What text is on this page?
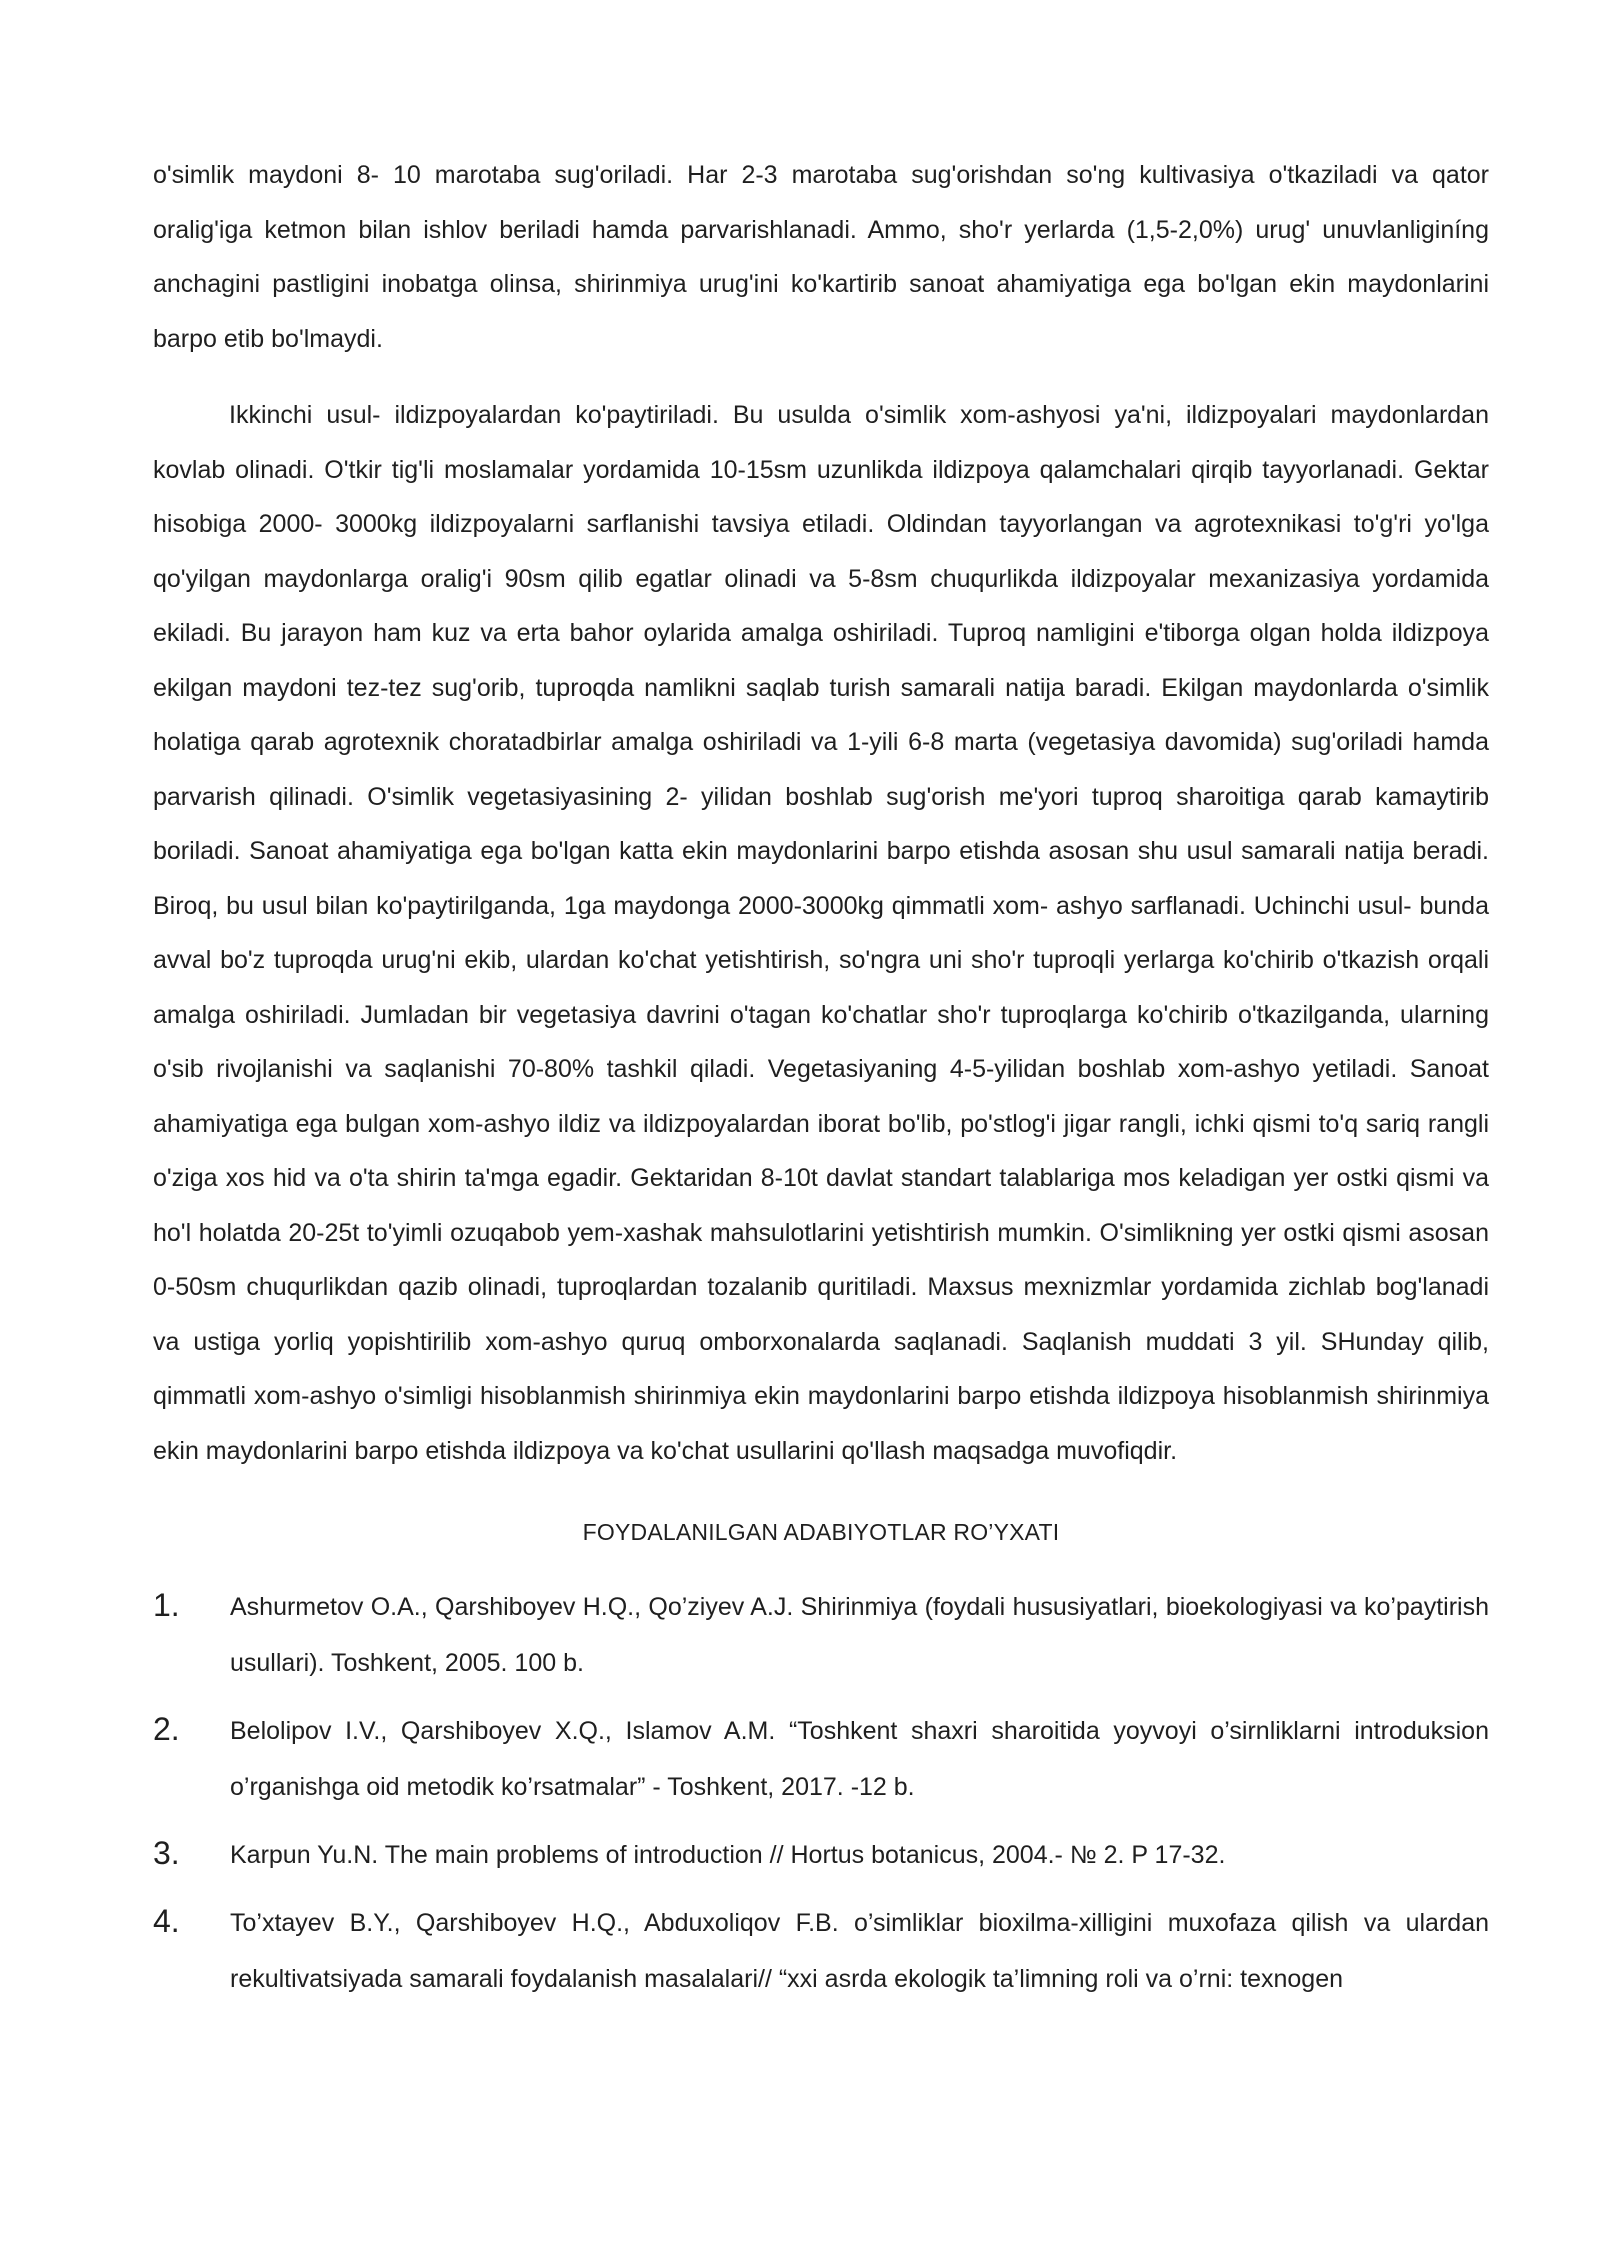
o'simlik maydoni 8- 10 marotaba sug'oriladi. Har 2-3 marotaba sug'orishdan so'ng kultivasiya o'tkaziladi va qator oralig'iga ketmon bilan ishlov beriladi hamda parvarishlanadi. Ammo, sho'r yerlarda (1,5-2,0%) urug' unuvlanliginíng anchagini pastligini inobatga olinsa, shirinmiya urug'ini ko'kartirib sanoat ahamiyatiga ega bo'lgan ekin maydonlarini barpo etib bo'lmaydi.

Ikkinchi usul- ildizpoyalardan ko'paytiriladi. Bu usulda o'simlik xom-ashyosi ya'ni, ildizpoyalari maydonlardan kovlab olinadi. O'tkir tig'li moslamalar yordamida 10-15sm uzunlikda ildizpoya qalamchalari qirqib tayyorlanadi. Gektar hisobiga 2000- 3000kg ildizpoyalarni sarflanishi tavsiya etiladi. Oldindan tayyorlangan va agrotexnikasi to'g'ri yo'lga qo'yilgan maydonlarga oralig'i 90sm qilib egatlar olinadi va 5-8sm chuqurlikda ildizpoyalar mexanizasiya yordamida ekiladi. Bu jarayon ham kuz va erta bahor oylarida amalga oshiriladi. Tuproq namligini e'tiborga olgan holda ildizpoya ekilgan maydoni tez-tez sug'orib, tuproqda namlikni saqlab turish samarali natija baradi. Ekilgan maydonlarda o'simlik holatiga qarab agrotexnik choratadbirlar amalga oshiriladi va 1-yili 6-8 marta (vegetasiya davomida) sug'oriladi hamda parvarish qilinadi. O'simlik vegetasiyasining 2- yilidan boshlab sug'orish me'yori tuproq sharoitiga qarab kamaytirib boriladi. Sanoat ahamiyatiga ega bo'lgan katta ekin maydonlarini barpo etishda asosan shu usul samarali natija beradi. Biroq, bu usul bilan ko'paytirilganda, 1ga maydonga 2000-3000kg qimmatli xom- ashyo sarflanadi. Uchinchi usul- bunda avval bo'z tuproqda urug'ni ekib, ulardan ko'chat yetishtirish, so'ngra uni sho'r tuproqli yerlarga ko'chirib o'tkazish orqali amalga oshiriladi. Jumladan bir vegetasiya davrini o'tagan ko'chatlar sho'r tuproqlarga ko'chirib o'tkazilganda, ularning o'sib rivojlanishi va saqlanishi 70-80% tashkil qiladi. Vegetasiyaning 4-5-yilidan boshlab xom-ashyo yetiladi. Sanoat ahamiyatiga ega bulgan xom-ashyo ildiz va ildizpoyalardan iborat bo'lib, po'stlog'i jigar rangli, ichki qismi to'q sariq rangli o'ziga xos hid va o'ta shirin ta'mga egadir. Gektaridan 8-10t davlat standart talablariga mos keladigan yer ostki qismi va ho'l holatda 20-25t to'yimli ozuqabob yem-xashak mahsulotlarini yetishtirish mumkin. O'simlikning yer ostki qismi asosan 0-50sm chuqurlikdan qazib olinadi, tuproqlardan tozalanib quritiladi. Maxsus mexnizmlar yordamida zichlab bog'lanadi va ustiga yorliq yopishtirilib xom-ashyo quruq omborxonalarda saqlanadi. Saqlanish muddati 3 yil. SHunday qilib, qimmatli xom-ashyo o'simligi hisoblanmish shirinmiya ekin maydonlarini barpo etishda ildizpoya hisoblanmish shirinmiya ekin maydonlarini barpo etishda ildizpoya va ko'chat usullarini qo'llash maqsadga muvofiqdir.

FOYDALANILGAN ADABIYOTLAR RO’YXATI
1. Ashurmetov O.A., Qarshiboyev H.Q., Qo’ziyev A.J. Shirinmiya (foydali hususiyatlari, bioekologiyasi va ko’paytirish usullari). Toshkent, 2005. 100 b.
2. Belolipov I.V., Qarshiboyev X.Q., Islamov A.M. “Toshkent shaxri sharoitida yoyvoyi o’sirnliklarni introduksion o’rganishga oid metodik ko’rsatmalar” - Toshkent, 2017. -12 b.
3. Karpun Yu.N. The main problems of introduction // Hortus botanicus, 2004.- № 2. P 17-32.
4. To’xtayev B.Y., Qarshiboyev H.Q., Abduxoliqov F.B. o’simliklar bioxilma-xilligini muxofaza qilish va ulardan rekultivatsiyada samarali foydalanish masalalari// “xxi asrda ekologik ta’limning roli va o’rni: texnogen
